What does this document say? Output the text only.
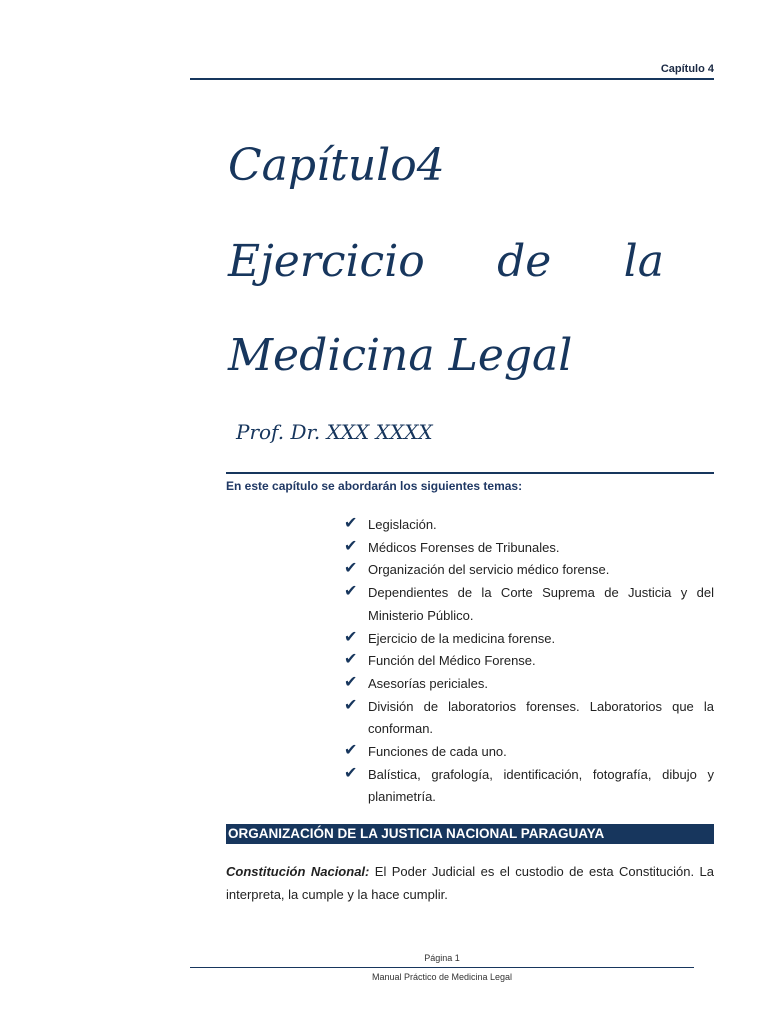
Capítulo 4
Capítulo4
Ejercicio de la
Medicina Legal
Prof. Dr. XXX XXXX
En este capítulo se abordarán los siguientes temas:
✔ Legislación.
✔ Médicos Forenses de Tribunales.
✔ Organización del servicio médico forense.
✔ Dependientes de la Corte Suprema de Justicia y del Ministerio Público.
✔ Ejercicio de la medicina forense.
✔ Función del Médico Forense.
✔ Asesorías periciales.
✔ División de laboratorios forenses. Laboratorios que la conforman.
✔ Funciones de cada uno.
✔ Balística, grafología, identificación, fotografía, dibujo y planimetría.
ORGANIZACIÓN DE LA JUSTICIA NACIONAL PARAGUAYA
Constitución Nacional: El Poder Judicial es el custodio de esta Constitución. La interpreta, la cumple y la hace cumplir.
Página 1
Manual Práctico de Medicina Legal
